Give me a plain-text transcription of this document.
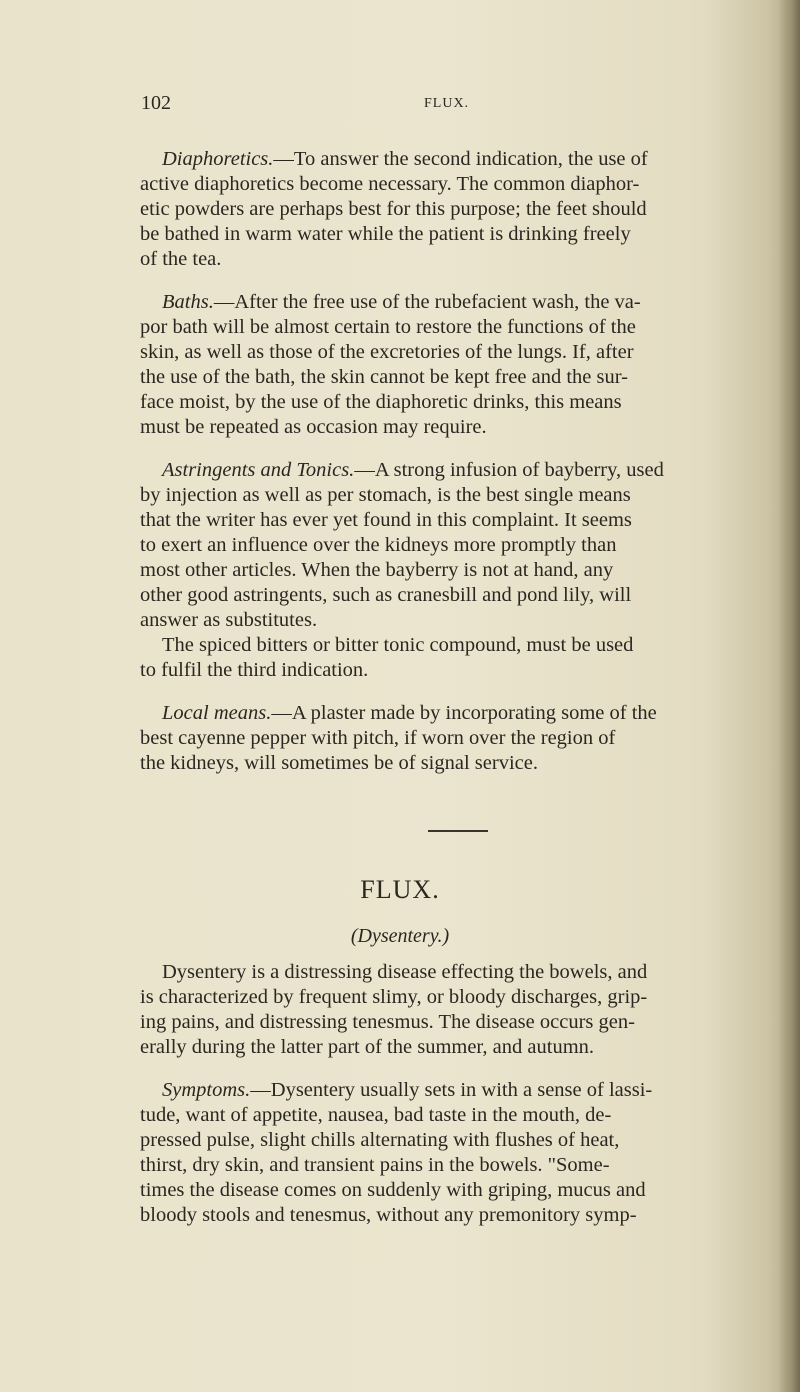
102	FLUX.
Diaphoretics.—To answer the second indication, the use of
active diaphoretics become necessary. The common diaphor-
etic powders are perhaps best for this purpose; the feet should
be bathed in warm water while the patient is drinking freely
of the tea.
Baths.—After the free use of the rubefacient wash, the va-
por bath will be almost certain to restore the functions of the
skin, as well as those of the excretories of the lungs. If, after
the use of the bath, the skin cannot be kept free and the sur-
face moist, by the use of the diaphoretic drinks, this means
must be repeated as occasion may require.
Astringents and Tonics.—A strong infusion of bayberry, used
by injection as well as per stomach, is the best single means
that the writer has ever yet found in this complaint. It seems
to exert an influence over the kidneys more promptly than
most other articles. When the bayberry is not at hand, any
other good astringents, such as cranesbill and pond lily, will
answer as substitutes.
The spiced bitters or bitter tonic compound, must be used
to fulfil the third indication.
Local means.—A plaster made by incorporating some of the
best cayenne pepper with pitch, if worn over the region of
the kidneys, will sometimes be of signal service.
FLUX.
(Dysentery.)
Dysentery is a distressing disease effecting the bowels, and
is characterized by frequent slimy, or bloody discharges, grip-
ing pains, and distressing tenesmus. The disease occurs gen-
erally during the latter part of the summer, and autumn.
Symptoms.—Dysentery usually sets in with a sense of lassi-
tude, want of appetite, nausea, bad taste in the mouth, de-
pressed pulse, slight chills alternating with flushes of heat,
thirst, dry skin, and transient pains in the bowels. "Some-
times the disease comes on suddenly with griping, mucus and
bloody stools and tenesmus, without any premonitory symp-
